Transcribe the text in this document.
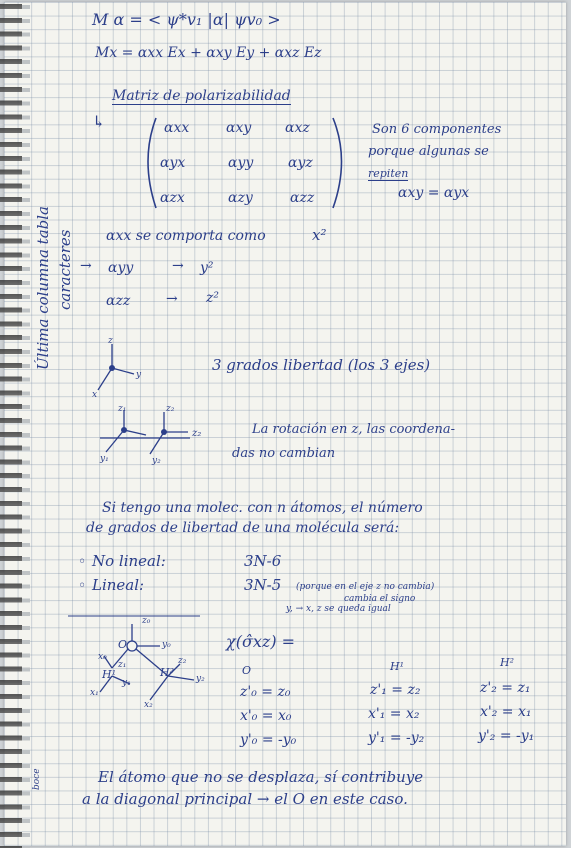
M α = < ψ*v₁ |α| ψv₀ >
Mx = αxx Ex + αxy Ey + αxz Ez
Matriz de polarizabilidad
↳	αxx	αxy αxz
αyx	αyy αyz
αzx	αzy	αzz
Son 6 componentes
porque algunas se
repiten
αxy = αyx
Última columna tabla caracteres αxx se comporta como	x²
→ αyy	→ y²
αzz	→ z²
z
y
x
z₁	z₂
y₁	y₂
z₂
3 grados libertad (los 3 ejes)
La rotación en z, las coordena-
das no cambian
Si tengo una molec. con n átomos, el número
de grados de libertad de una molécula será:
◦ No lineal:	3N-6
◦ Lineal:	3N-5 (porque en el eje z no cambia)
cambia el signo
y, → x, z se queda igual
z₀
y₀
O
x₀
H¹	H²
z₁	z₂
y₁	y₂
x₁
x₂
χ(σ̂xz) =
O	H¹	H²
z'₀ = z₀	z'₁ = z₂	z'₂ = z₁
x'₀ = x₀	x'₁ = x₂	x'₂ = x₁
y'₀ = -y₀	y'₁ = -y₂	y'₂ = -y₁
El átomo que no se desplaza, sí contribuye
a la diagonal principal → el O en este caso.
boce
